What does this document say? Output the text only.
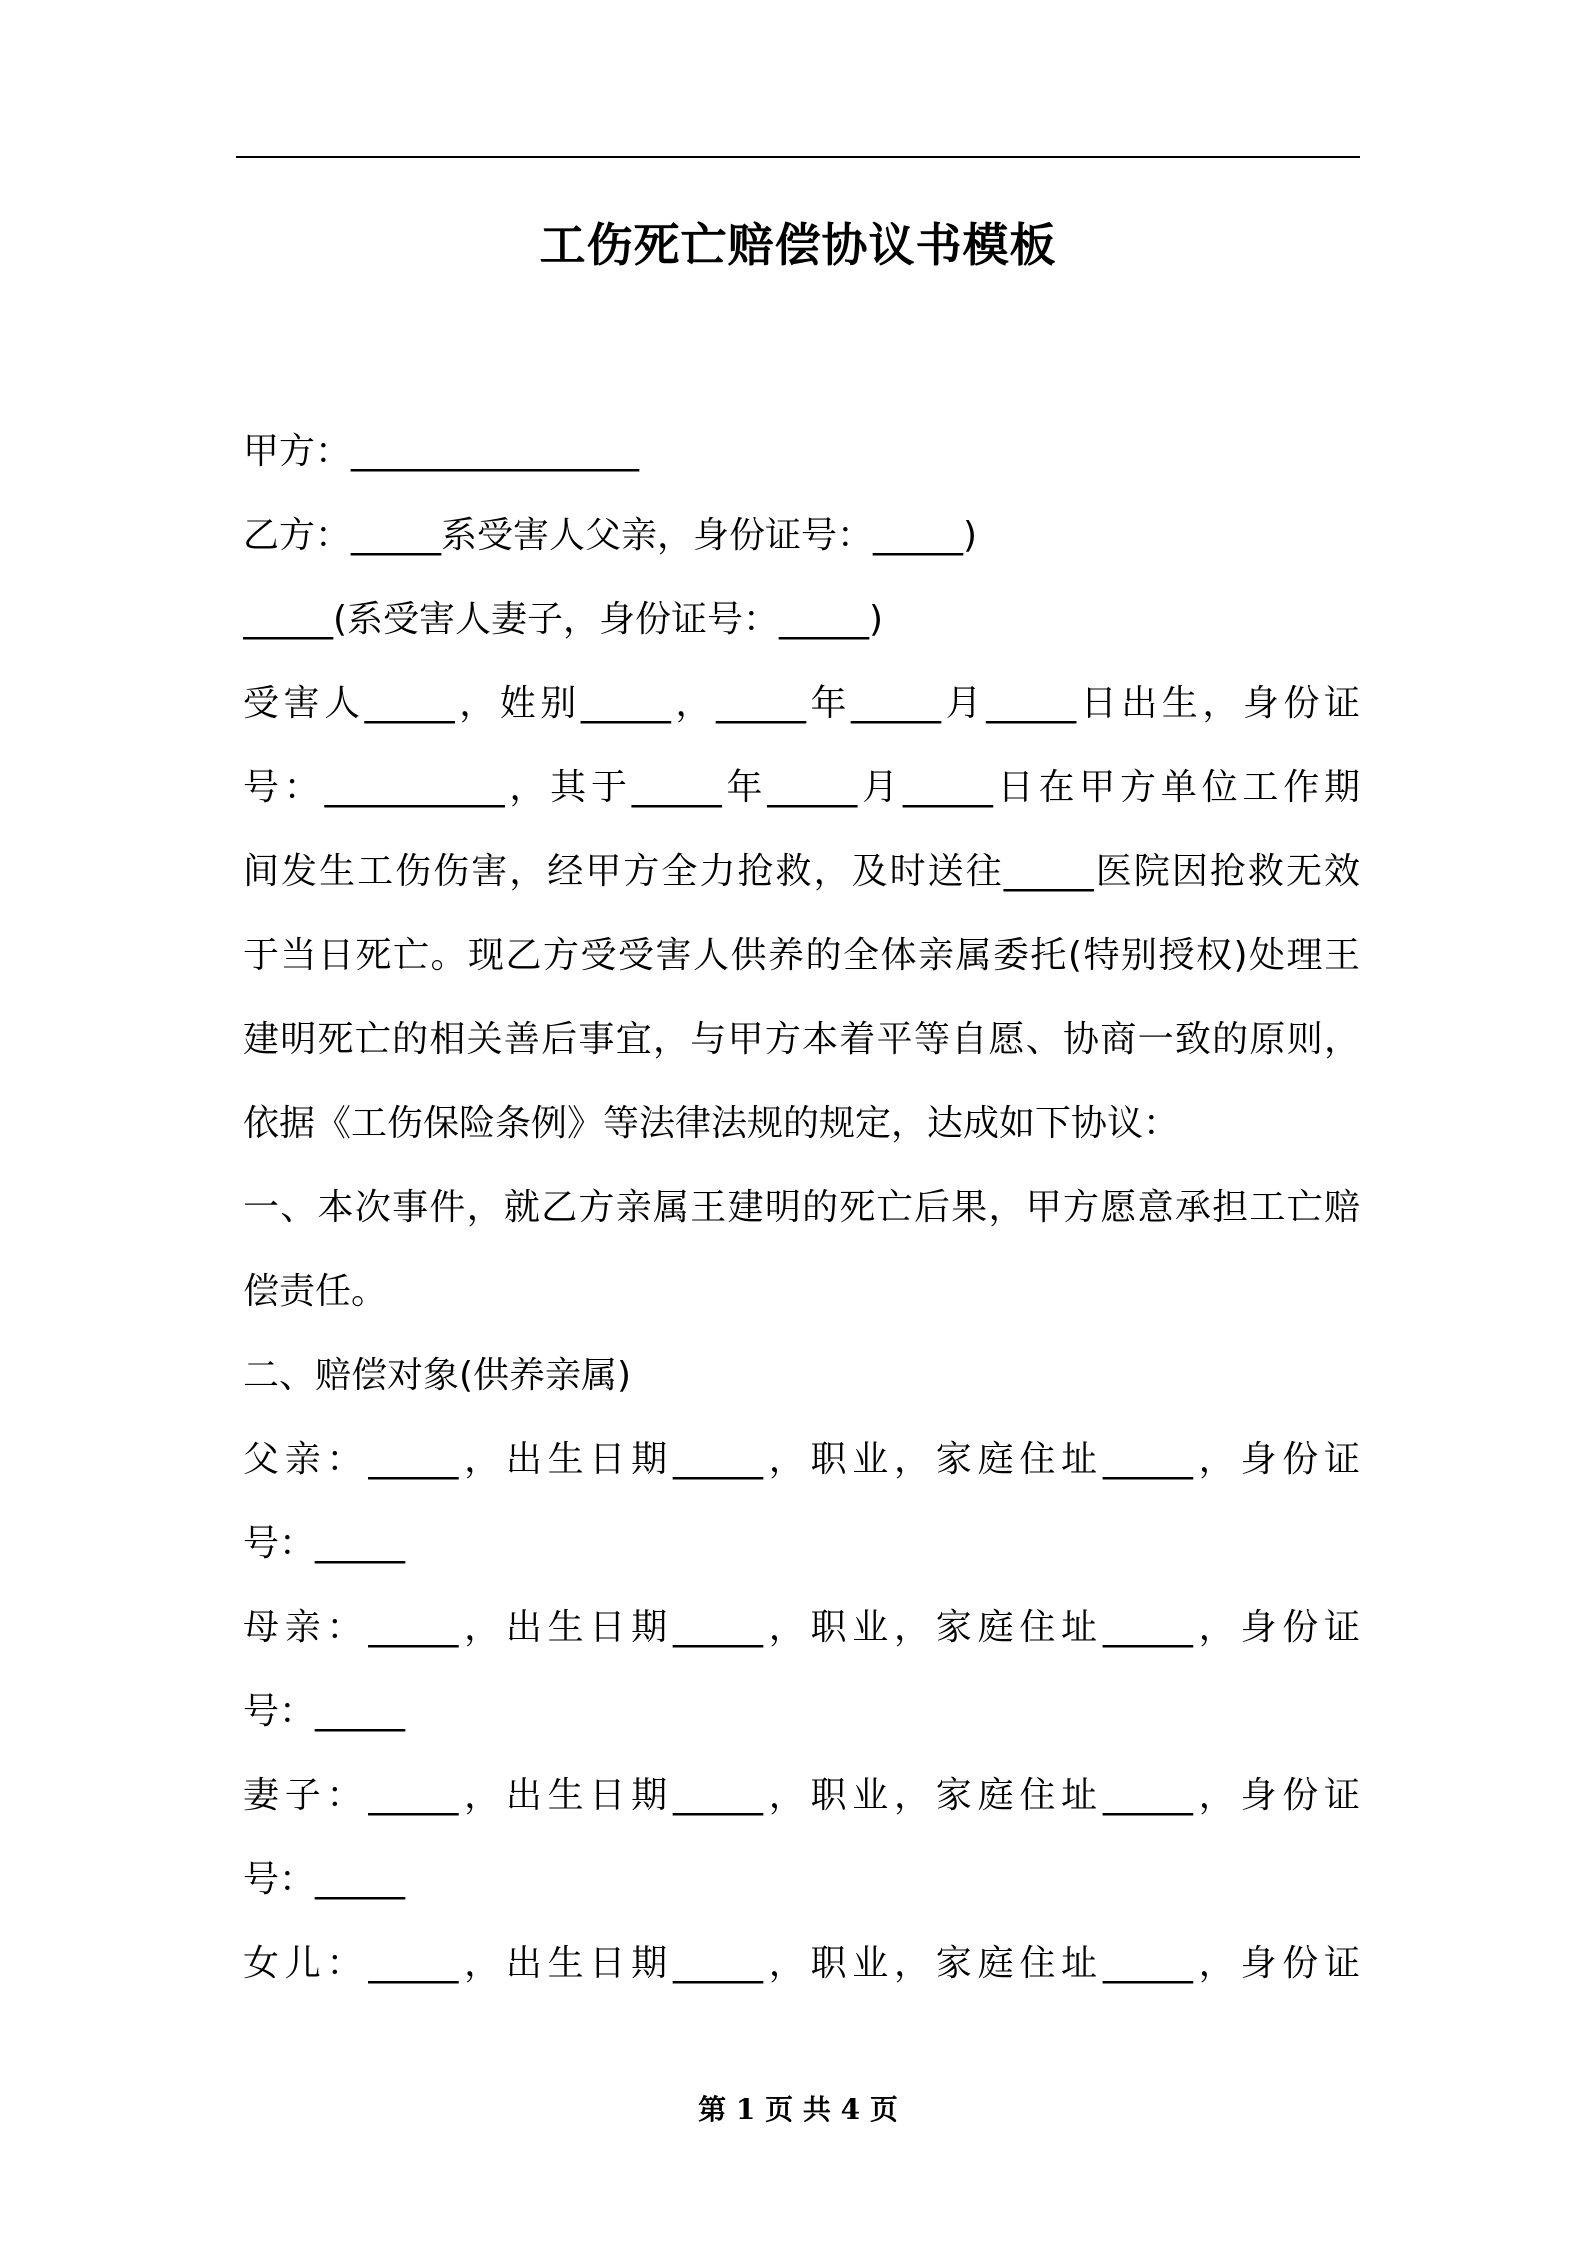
工伤死亡赔偿协议书模板
甲方：________________
乙方：_____系受害人父亲，身份证号：_____)
_____(系受害人妻子，身份证号：_____)
受害人_____，姓别_____，_____年_____月_____日出生，身份证
号：__________，其于_____年_____月_____日在甲方单位工作期
间发生工伤伤害，经甲方全力抢救，及时送往_____医院因抢救无效
于当日死亡。现乙方受受害人供养的全体亲属委托(特别授权)处理王
建明死亡的相关善后事宜，与甲方本着平等自愿、协商一致的原则，
依据《工伤保险条例》等法律法规的规定，达成如下协议：
一、本次事件，就乙方亲属王建明的死亡后果，甲方愿意承担工亡赔
偿责任。
二、赔偿对象(供养亲属)
父亲：_____，出生日期_____，职业，家庭住址_____，身份证
号：_____
母亲：_____，出生日期_____，职业，家庭住址_____，身份证
号：_____
妻子：_____，出生日期_____，职业，家庭住址_____，身份证
号：_____
女儿：_____，出生日期_____，职业，家庭住址_____，身份证
第 1 页 共 4 页
